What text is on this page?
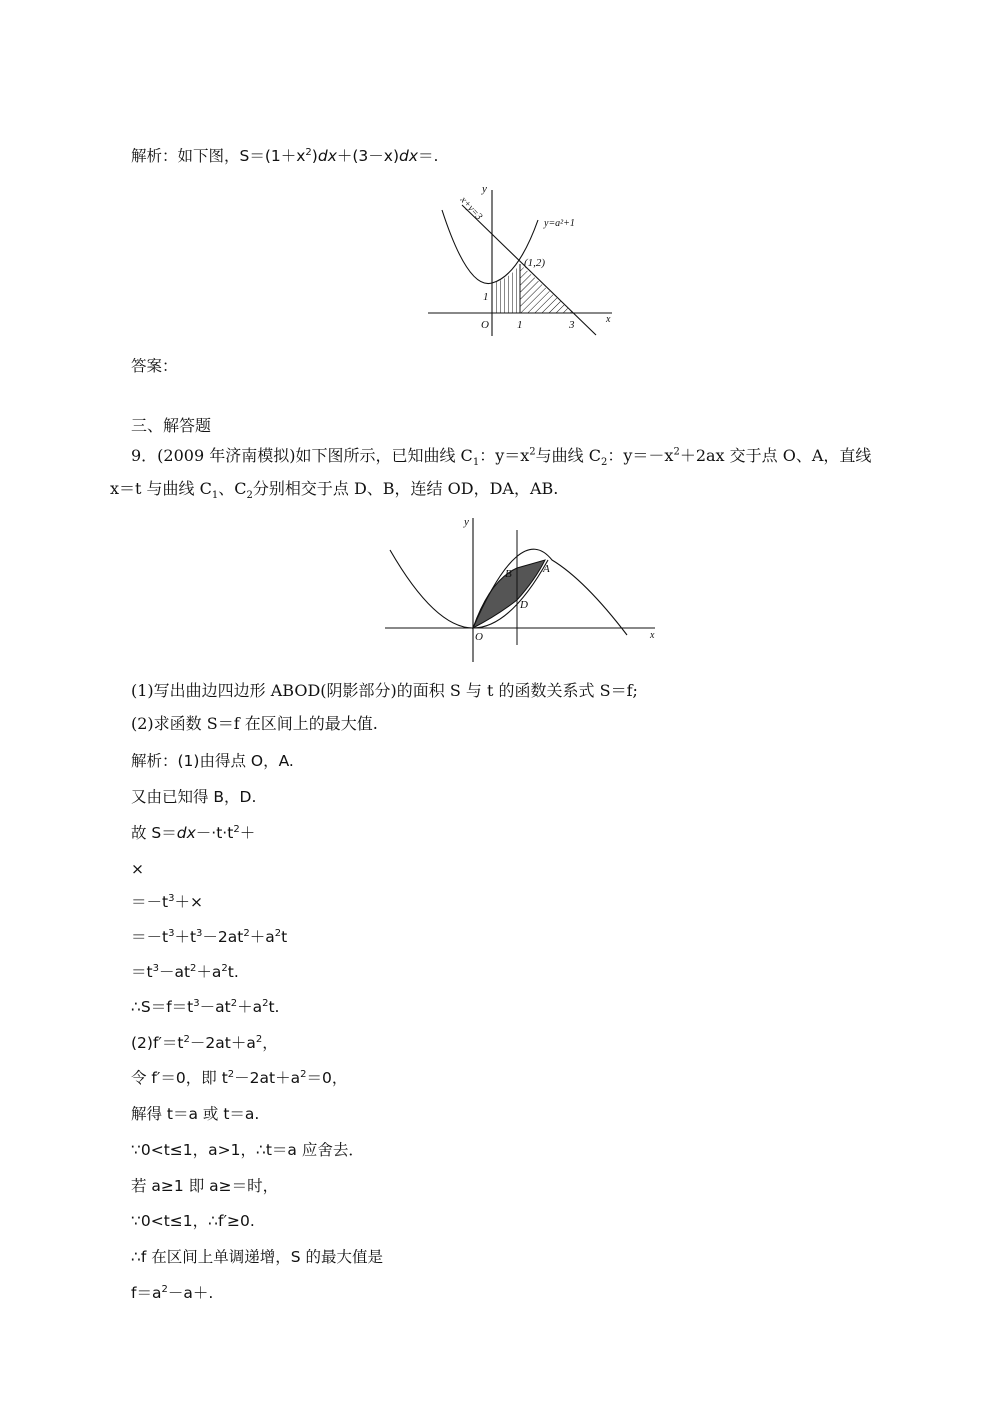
解析：如下图，$S=(1+x^2)dx+(3-x)dx=$.
y
x
O	1	3
1
(1,2)
x+y=3
y=a²+1
答案：
三、解答题
9．(2009 年济南模拟)如下图所示，已知曲线 $C_1$：$y=x^2$与曲线 $C_2$：$y=-x^2+2ax$ 交于点 O、A，直线
x＝t 与曲线 $C_1$、$C_2$分别相交于点 D、B，连结 OD，DA，AB.
y
x
O
A
B
D
(1)写出曲边四边形 ABOD(阴影部分)的面积 S 与 t 的函数关系式 S＝f;
(2)求函数 S＝f 在区间上的最大值.
解析：(1)由得点 O，A.
又由已知得 B，D.
故 $S=dx-\cdot t\cdot t^2+$
×
$=-t^3+\times$
$=-t^3+t^3-2at^2+a^2t$
$=t^3-at^2+a^2t$.
$\therefore S=f=t^3-at^2+a^2t$.
$(2)f'=t^2-2at+a^2$，
令 f′＝0，即 $t^2-2at+a^2=0$，
解得 t＝a 或 t＝a.
∵0<t≤1，a>1，∴t＝a 应舍去．
若 a≥1 即 a≥＝时，
∵0<t≤1，∴f′≥0.
∴f 在区间上单调递增，S 的最大值是
$f=a^2-a+$.
